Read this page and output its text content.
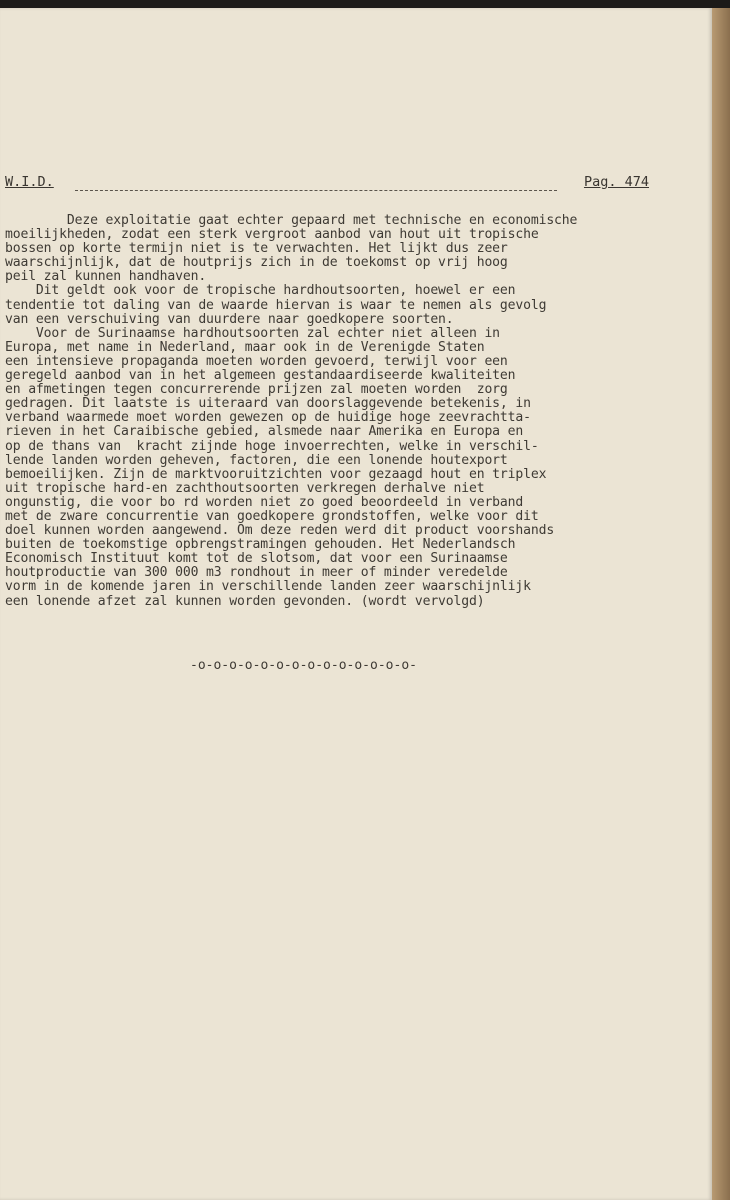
W.I.D.	Pag. 474
Deze exploitatie gaat echter gepaard met technische en economische
moeilijkheden, zodat een sterk vergroot aanbod van hout uit tropische
bossen op korte termijn niet is te verwachten. Het lijkt dus zeer
waarschijnlijk, dat de houtprijs zich in de toekomst op vrij hoog
peil zal kunnen handhaven.
Dit geldt ook voor de tropische hardhoutsoorten, hoewel er een
tendentie tot daling van de waarde hiervan is waar te nemen als gevolg
van een verschuiving van duurdere naar goedkopere soorten.
Voor de Surinaamse hardhoutsoorten zal echter niet alleen in
Europa, met name in Nederland, maar ook in de Verenigde Staten
een intensieve propaganda moeten worden gevoerd, terwijl voor een
geregeld aanbod van in het algemeen gestandaardiseerde kwaliteiten
en afmetingen tegen concurrerende prijzen zal moeten worden  zorg
gedragen. Dit laatste is uiteraard van doorslaggevende betekenis, in
verband waarmede moet worden gewezen op de huidige hoge zeevrachtta-
rieven in het Caraibische gebied, alsmede naar Amerika en Europa en
op de thans van  kracht zijnde hoge invoerrechten, welke in verschil-
lende landen worden geheven, factoren, die een lonende houtexport
bemoeilijken. Zijn de marktvooruitzichten voor gezaagd hout en triplex
uit tropische hard-en zachthoutsoorten verkregen derhalve niet
ongunstig, die voor bo rd worden niet zo goed beoordeeld in verband
met de zware concurrentie van goedkopere grondstoffen, welke voor dit
doel kunnen worden aangewend. Om deze reden werd dit product voorshands
buiten de toekomstige opbrengstramingen gehouden. Het Nederlandsch
Economisch Instituut komt tot de slotsom, dat voor een Surinaamse
houtproductie van 300 000 m3 rondhout in meer of minder veredelde
vorm in de komende jaren in verschillende landen zeer waarschijnlijk
een lonende afzet zal kunnen worden gevonden. (wordt vervolgd)
-o-o-o-o-o-o-o-o-o-o-o-o-o-o-
